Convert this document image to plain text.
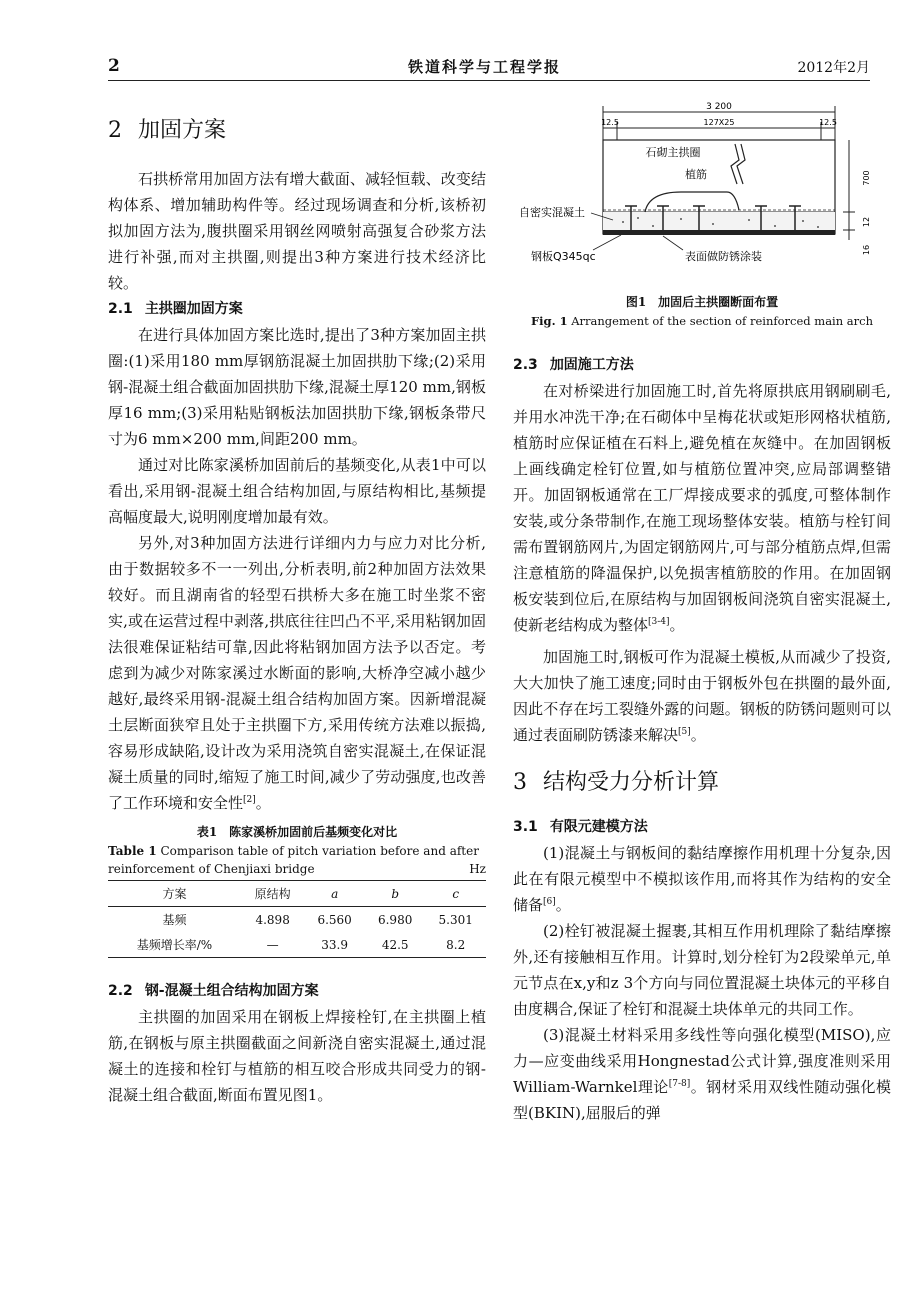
2	铁道科学与工程学报	2012年2月
2 加固方案

石拱桥常用加固方法有增大截面、减轻恒载、改变结构体系、增加辅助构件等。经过现场调查和分析,该桥初拟加固方法为,腹拱圈采用钢丝网喷射高强复合砂浆方法进行补强,而对主拱圈,则提出3种方案进行技术经济比较。

2.1 主拱圈加固方案

在进行具体加固方案比选时,提出了3种方案加固主拱圈:(1)采用180 mm厚钢筋混凝土加固拱肋下缘;(2)采用钢-混凝土组合截面加固拱肋下缘,混凝土厚120 mm,钢板厚16 mm;(3)采用粘贴钢板法加固拱肋下缘,钢板条带尺寸为6 mm×200 mm,间距200 mm。

通过对比陈家溪桥加固前后的基频变化,从表1中可以看出,采用钢-混凝土组合结构加固,与原结构相比,基频提高幅度最大,说明刚度增加最有效。

另外,对3种加固方法进行详细内力与应力对比分析,由于数据较多不一一列出,分析表明,前2种加固方法效果较好。而且湖南省的轻型石拱桥大多在施工时坐浆不密实,或在运营过程中剥落,拱底往往凹凸不平,采用粘钢加固法很难保证粘结可靠,因此将粘钢加固方法予以否定。考虑到为减少对陈家溪过水断面的影响,大桥净空减小越少越好,最终采用钢-混凝土组合结构加固方案。因新增混凝土层断面狭窄且处于主拱圈下方,采用传统方法难以振捣,容易形成缺陷,设计改为采用浇筑自密实混凝土,在保证混凝土质量的同时,缩短了施工时间,减少了劳动强度,也改善了工作环境和安全性[2]。

表1　陈家溪桥加固前后基频变化对比
Table 1 Comparison table of pitch variation before and after reinforcement of Chenjiaxi bridge	Hz
方案	原结构	a	b	c
基频	4.898	6.560	6.980	5.301
基频增长率/%	—	33.9	42.5	8.2
2.2 钢-混凝土组合结构加固方案

主拱圈的加固采用在钢板上焊接栓钉,在主拱圈上植筋,在钢板与原主拱圈截面之间新浇自密实混凝土,通过混凝土的连接和栓钉与植筋的相互咬合形成共同受力的钢-混凝土组合截面,断面布置见图1。

3 200
12.5	127X25	12.5
石砌主拱圈
植筋
自密实混凝土
钢板Q345qc	表面做防锈涂装
700
12
16
图1　加固后主拱圈断面布置
Fig. 1 Arrangement of the section of reinforced main arch
2.3 加固施工方法

在对桥梁进行加固施工时,首先将原拱底用钢刷刷毛,并用水冲洗干净;在石砌体中呈梅花状或矩形网格状植筋,植筋时应保证植在石料上,避免植在灰缝中。在加固钢板上画线确定栓钉位置,如与植筋位置冲突,应局部调整错开。加固钢板通常在工厂焊接成要求的弧度,可整体制作安装,或分条带制作,在施工现场整体安装。植筋与栓钉间需布置钢筋网片,为固定钢筋网片,可与部分植筋点焊,但需注意植筋的降温保护,以免损害植筋胶的作用。在加固钢板安装到位后,在原结构与加固钢板间浇筑自密实混凝土,使新老结构成为整体[3-4]。

加固施工时,钢板可作为混凝土模板,从而减少了投资,大大加快了施工速度;同时由于钢板外包在拱圈的最外面,因此不存在圬工裂缝外露的问题。钢板的防锈问题则可以通过表面刷防锈漆来解决[5]。

3 结构受力分析计算
3.1 有限元建模方法

(1)混凝土与钢板间的黏结摩擦作用机理十分复杂,因此在有限元模型中不模拟该作用,而将其作为结构的安全储备[6]。

(2)栓钉被混凝土握裹,其相互作用机理除了黏结摩擦外,还有接触相互作用。计算时,划分栓钉为2段梁单元,单元节点在x,y和z 3个方向与同位置混凝土块体元的平移自由度耦合,保证了栓钉和混凝土块体单元的共同工作。

(3)混凝土材料采用多线性等向强化模型(MISO),应力—应变曲线采用Hongnestad公式计算,强度准则采用William-Warnkel理论[7-8]。钢材采用双线性随动强化模型(BKIN),屈服后的弹
